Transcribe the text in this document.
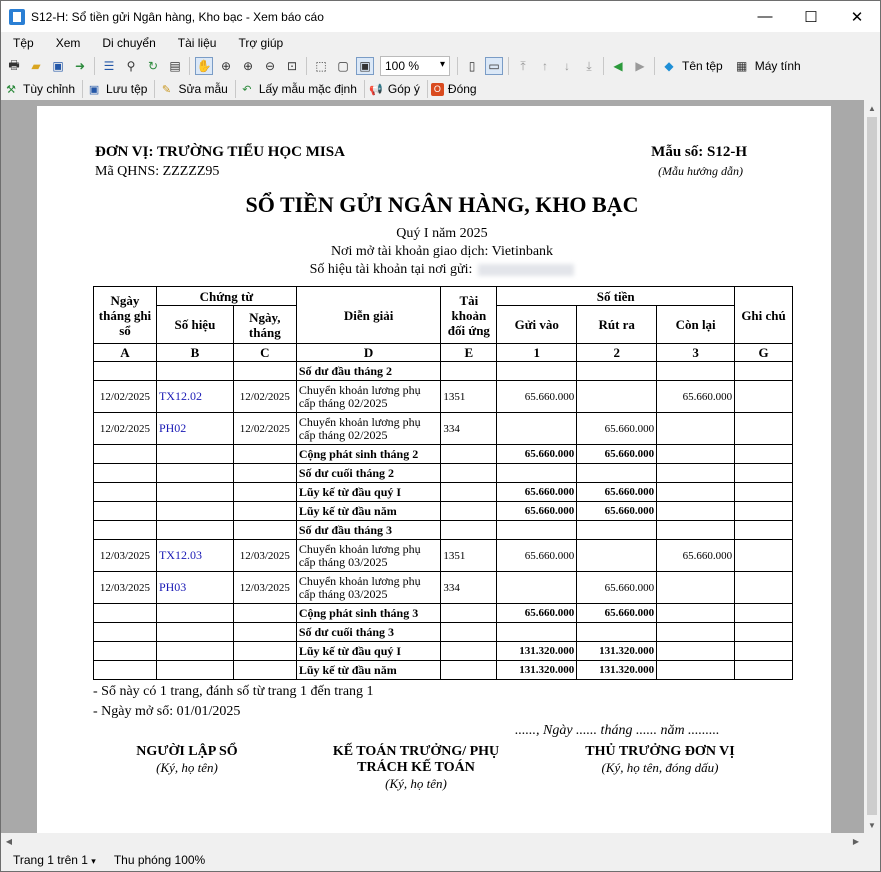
S12-H: Sổ tiền gửi Ngân hàng, Kho bạc - Xem báo cáo	—	☐	✕
Tệp	Xem	Di chuyển	Tài liệu	Trợ giúp
🖶 ▰ ▣ ➜	☰	⚲	↻ ▤ ✋ ⊕ ⊕ ⊖ ⊡	⬚ ▢ ▣ 100 %
▾	▯	▭	⤒	↑	↓	⤓	◀	▶	◆ Tên tệp ▦ Máy tính
⚒ Tùy chỉnh ▣ Lưu tệp	✎ Sửa mẫu	↶ Lấy mẫu mặc định 📢 Góp ý	O Đóng
ĐƠN VỊ: TRƯỜNG TIỂU HỌC MISA
Mã QHNS: ZZZZZ95
Mẫu số: S12-H
(Mẫu hướng dẫn)
SỔ TIỀN GỬI NGÂN HÀNG, KHO BẠC
Quý I năm 2025
Nơi mở tài khoản giao dịch: Vietinbank
Số hiệu tài khoản tại nơi gửi:
Ngày tháng ghi sổ	Chứng từ		Diễn giải	Tài khoản đối ứng	Số tiền			Ghi chú
	Số hiệu	Ngày, tháng			Gửi vào	Rút ra	Còn lại	
A	B	C	D	E	1	2	3	G
			Số dư đầu tháng 2					
12/02/2025	TX12.02	12/02/2025	Chuyển khoản lương phụ cấp tháng 02/2025	1351	65.660.000		65.660.000	
12/02/2025	PH02	12/02/2025	Chuyển khoản lương phụ cấp tháng 02/2025	334		65.660.000		
			Cộng phát sinh tháng 2		65.660.000	65.660.000		
			Số dư cuối tháng 2					
			Lũy kế từ đầu quý I		65.660.000	65.660.000		
			Lũy kế từ đầu năm		65.660.000	65.660.000		
			Số dư đầu tháng 3					
12/03/2025	TX12.03	12/03/2025	Chuyển khoản lương phụ cấp tháng 03/2025	1351	65.660.000		65.660.000	
12/03/2025	PH03	12/03/2025	Chuyển khoản lương phụ cấp tháng 03/2025	334		65.660.000		
			Cộng phát sinh tháng 3		65.660.000	65.660.000		
			Số dư cuối tháng 3					
			Lũy kế từ đầu quý I		131.320.000	131.320.000		
			Lũy kế từ đầu năm		131.320.000	131.320.000		
- Sổ này có 1 trang, đánh số từ trang 1 đến trang 1
- Ngày mở sổ: 01/01/2025
......, Ngày ...... tháng ...... năm .........
NGƯỜI LẬP SỔ
(Ký, họ tên)
KẾ TOÁN TRƯỞNG/ PHỤ TRÁCH KẾ TOÁN
(Ký, họ tên)
THỦ TRƯỞNG ĐƠN VỊ
(Ký, họ tên, đóng dấu)
▲
▼
◀	▶
Trang 1 trên 1 ▾ Thu phóng 100%
